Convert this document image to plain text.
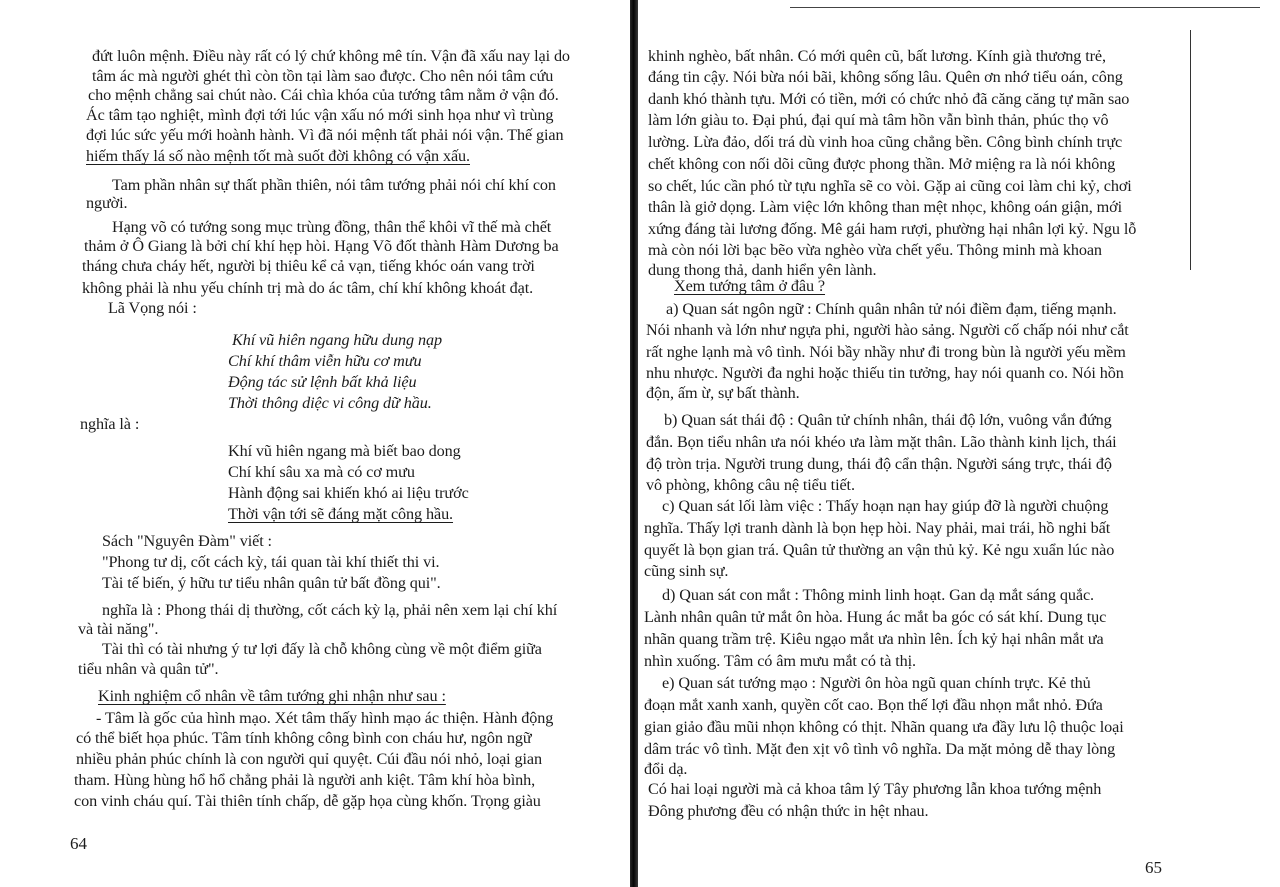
đứt luôn mệnh. Điều này rất có lý chứ không mê tín. Vận đã xấu nay lại do
tâm ác mà người ghét thì còn tồn tại làm sao được. Cho nên nói tâm cứu
cho mệnh chẳng sai chút nào. Cái chìa khóa của tướng tâm nằm ở vận đó.
Ác tâm tạo nghiệt, mình đợi tới lúc vận xấu nó mới sinh họa như vì trùng
đợi lúc sức yếu mới hoành hành. Vì đã nói mệnh tất phải nói vận. Thế gian
hiếm thấy lá số nào mệnh tốt mà suốt đời không có vận xấu.
Tam phần nhân sự thất phần thiên, nói tâm tướng phải nói chí khí con
người.
Hạng võ có tướng song mục trùng đồng, thân thể khôi vĩ thế mà chết
thảm ở Ô Giang là bởi chí khí hẹp hòi. Hạng Võ đốt thành Hàm Dương ba
tháng chưa cháy hết, người bị thiêu kể cả vạn, tiếng khóc oán vang trời
không phải là nhu yếu chính trị mà do ác tâm, chí khí không khoát đạt.
Lã Vọng nói :
Khí vũ hiên ngang hữu dung nạp
Chí khí thâm viễn hữu cơ mưu
Động tác sử lệnh bất khả liệu
Thời thông diệc vi công dữ hầu.
nghĩa là :
Khí vũ hiên ngang mà biết bao dong
Chí khí sâu xa mà có cơ mưu
Hành động sai khiến khó ai liệu trước
Thời vận tới sẽ đáng mặt công hầu.
Sách "Nguyên Đàm" viết :
"Phong tư dị, cốt cách kỳ, tái quan tài khí thiết thi vi.
Tài tế biến, ý hữu tư tiểu nhân quân tử bất đồng qui".
nghĩa là : Phong thái dị thường, cốt cách kỳ lạ, phải nên xem lại chí khí
và tài năng".
Tài thì có tài nhưng ý tư lợi đấy là chỗ không cùng về một điểm giữa
tiểu nhân và quân tử".
Kinh nghiệm cổ nhân về tâm tướng ghi nhận như sau :
- Tâm là gốc của hình mạo. Xét tâm thấy hình mạo ác thiện. Hành động
có thể biết họa phúc. Tâm tính không công bình con cháu hư, ngôn ngữ
nhiều phản phúc chính là con người quỉ quyệt. Cúi đầu nói nhỏ, loại gian
tham. Hùng hùng hổ hổ chẳng phải là người anh kiệt. Tâm khí hòa bình,
con vinh cháu quí. Tài thiên tính chấp, dễ gặp họa cùng khốn. Trọng giàu
64
khinh nghèo, bất nhân. Có mới quên cũ, bất lương. Kính già thương trẻ,
đáng tin cậy. Nói bừa nói bãi, không sống lâu. Quên ơn nhớ tiểu oán, công
danh khó thành tựu. Mới có tiền, mới có chức nhỏ đã căng căng tự mãn sao
làm lớn giàu to. Đại phú, đại quí mà tâm hồn vẫn bình thản, phúc thọ vô
lường. Lừa đảo, dối trá dù vinh hoa cũng chẳng bền. Công bình chính trực
chết không con nối dõi cũng được phong thần. Mở miệng ra là nói không
so chết, lúc cần phó từ tựu nghĩa sẽ co vòi. Gặp ai cũng coi làm chi kỷ, chơi
thân là giở dọng. Làm việc lớn không than mệt nhọc, không oán giận, mới
xứng đáng tài lương đống. Mê gái ham rượi, phường hại nhân lợi kỷ. Ngu lỗ
mà còn nói lời bạc bẽo vừa nghèo vừa chết yểu. Thông minh mà khoan
dung thong thả, danh hiển yên lành.
Xem tướng tâm ở đâu ?
a) Quan sát ngôn ngữ : Chính quân nhân tử nói điềm đạm, tiếng mạnh.
Nói nhanh và lớn như ngựa phi, người hào sảng. Người cố chấp nói như cắt
rất nghe lạnh mà vô tình. Nói bầy nhầy như đi trong bùn là người yếu mềm
nhu nhược. Người đa nghi hoặc thiếu tin tưởng, hay nói quanh co. Nói hồn
độn, ấm ừ, sự bất thành.
b) Quan sát thái độ : Quân tử chính nhân, thái độ lớn, vuông vắn đứng
đắn. Bọn tiểu nhân ưa nói khéo ưa làm mặt thân. Lão thành kinh lịch, thái
độ tròn trịa. Người trung dung, thái độ cẩn thận. Người sáng trực, thái độ
vô phòng, không câu nệ tiểu tiết.
c) Quan sát lối làm việc : Thấy hoạn nạn hay giúp đỡ là người chuộng
nghĩa. Thấy lợi tranh dành là bọn hẹp hòi. Nay phải, mai trái, hồ nghi bất
quyết là bọn gian trá. Quân tử thường an vận thủ kỷ. Kẻ ngu xuẩn lúc nào
cũng sinh sự.
d) Quan sát con mắt : Thông minh linh hoạt. Gan dạ mắt sáng quắc.
Lành nhân quân tử mắt ôn hòa. Hung ác mắt ba góc có sát khí. Dung tục
nhãn quang trầm trệ. Kiêu ngạo mắt ưa nhìn lên. Ích kỷ hại nhân mắt ưa
nhìn xuống. Tâm có âm mưu mắt có tà thị.
e) Quan sát tướng mạo : Người ôn hòa ngũ quan chính trực. Kẻ thủ
đoạn mắt xanh xanh, quyền cốt cao. Bọn thế lợi đầu nhọn mắt nhỏ. Đứa
gian giảo đầu mũi nhọn không có thịt. Nhãn quang ưa đầy lưu lộ thuộc loại
dâm trác vô tình. Mặt đen xịt vô tình vô nghĩa. Da mặt mỏng dễ thay lòng
đổi dạ.
Có hai loại người mà cả khoa tâm lý Tây phương lẫn khoa tướng mệnh
Đông phương đều có nhận thức in hệt nhau.
65
